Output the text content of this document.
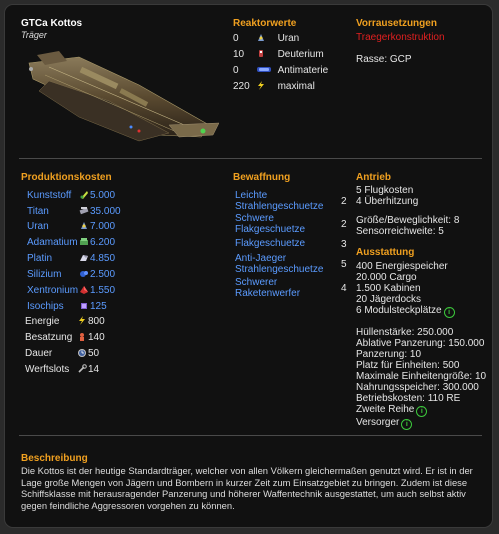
GTCa Kottos
Träger
Reaktorwerte
0	Uran
10	Deuterium
0	Antimaterie
220	maximal
Vorrausetzungen
Traegerkonstruktion
Rasse: GCP
Produktionskosten
Kunststoff 5.000
Titan	35.000
Uran	7.000
Adamatium 6.200
Platin	4.850
Silizium	2.500
Xentronium 1.550
Isochips	125
Energie	800
Besatzung 140
Dauer	50
Werftslots 14
Bewaffnung
Leichte
Strahlengeschuetze	2
Schwere
Flakgeschuetze	2
Flakgeschuetze	3
Anti-Jaeger
Strahlengeschuetze	5
Schwerer
Raketenwerfer	4
Antrieb
5 Flugkosten
4 Überhitzung
Größe/Beweglichkeit: 8
Sensorreichweite: 5
Ausstattung
400 Energiespeicher
20.000 Cargo
1.500 Kabinen
20 Jägerdocks
6 Modulsteckplätze i
Hüllenstärke: 250.000
Ablative Panzerung: 150.000
Panzerung: 10
Platz für Einheiten: 500
Maximale Einheitengröße: 10
Nahrungsspeicher: 300.000
Betriebskosten: 110 RE
Zweite Reihe i
Versorger i
Beschreibung
Die Kottos ist der heutige Standardträger, welcher von allen Völkern gleichermaßen genutzt wird. Er ist in der Lage große Mengen von Jägern und Bombern in kurzer Zeit zum Einsatzgebiet zu bringen. Zudem ist diese Schiffsklasse mit herausragender Panzerung und höherer Waffentechnik ausgestattet, um auch selbst aktiv gegen feindliche Aggressoren vorgehen zu können.
